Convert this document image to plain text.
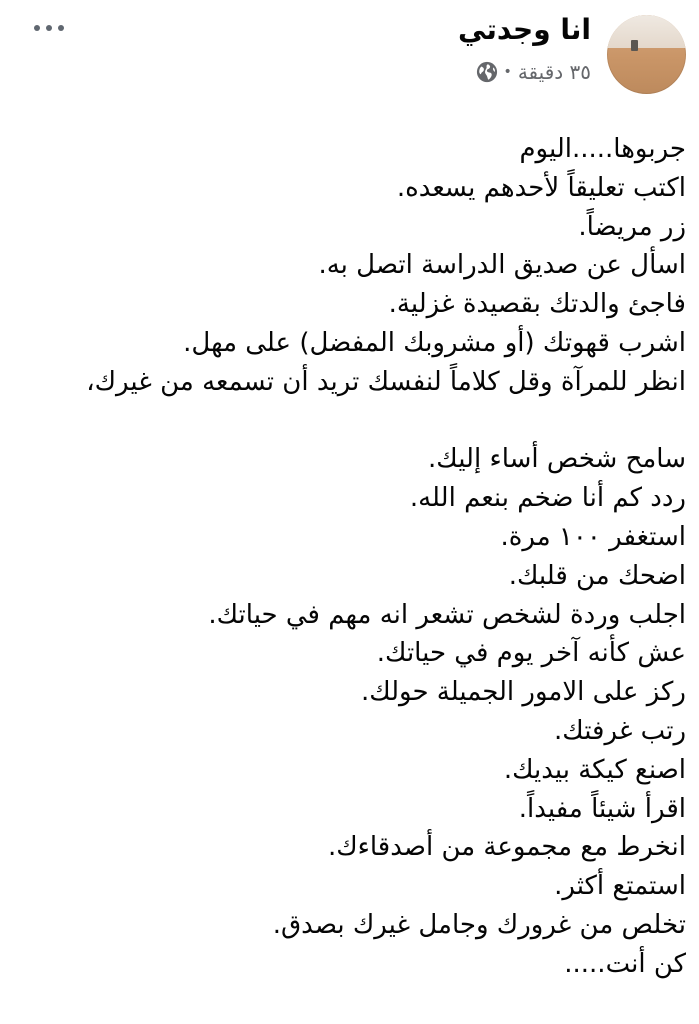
انا وجدتي
٣٥ دقيقة
•

جربوها.....اليوم

اكتب تعليقاً لأحدهم يسعده.

زر مريضاً.

اسأل عن صديق الدراسة اتصل به.

فاجئ والدتك بقصيدة غزلية.

اشرب قهوتك (أو مشروبك المفضل) على مهل.

انظر للمرآة وقل كلاماً لنفسك تريد أن تسمعه من غيرك،

سامح شخص أساء إليك.

ردد كم أنا ضخم بنعم الله.

استغفر ١٠٠ مرة.

اضحك من قلبك.

اجلب وردة لشخص تشعر انه مهم في حياتك.

عش كأنه آخر يوم في حياتك.

ركز على الامور الجميلة حولك.

رتب غرفتك.

اصنع كيكة بيديك.

اقرأ شيئاً مفيداً.

انخرط مع مجموعة من أصدقاءك.

استمتع أكثر.

تخلص من غرورك وجامل غيرك بصدق.

كن أنت.....
